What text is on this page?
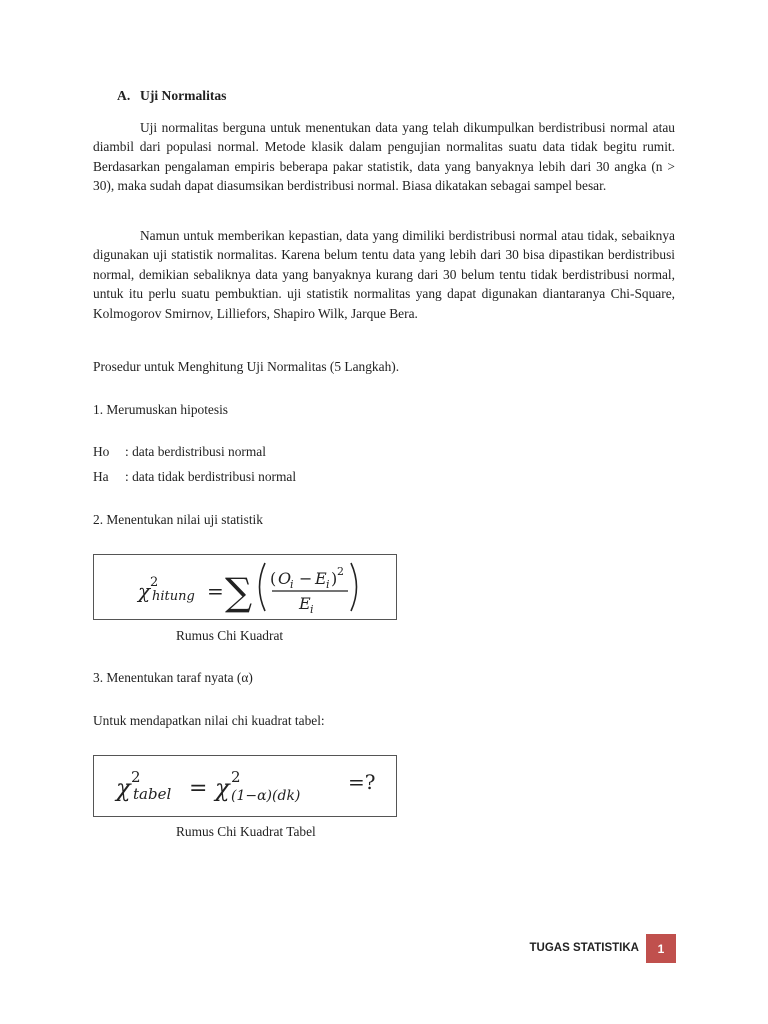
A. Uji Normalitas

Uji normalitas berguna untuk menentukan data yang telah dikumpulkan berdistribusi normal atau diambil dari populasi normal. Metode klasik dalam pengujian normalitas suatu data tidak begitu rumit. Berdasarkan pengalaman empiris beberapa pakar statistik, data yang banyaknya lebih dari 30 angka (n > 30), maka sudah dapat diasumsikan berdistribusi normal. Biasa dikatakan sebagai sampel besar.

Namun untuk memberikan kepastian, data yang dimiliki berdistribusi normal atau tidak, sebaiknya digunakan uji statistik normalitas. Karena belum tentu data yang lebih dari 30 bisa dipastikan berdistribusi normal, demikian sebaliknya data yang banyaknya kurang dari 30 belum tentu tidak berdistribusi normal, untuk itu perlu suatu pembuktian. uji statistik normalitas yang dapat digunakan diantaranya Chi-Square, Kolmogorov Smirnov, Lilliefors, Shapiro Wilk, Jarque Bera.

Prosedur untuk Menghitung Uji Normalitas (5 Langkah).

1. Merumuskan hipotesis

Ho : data berdistribusi normal

Ha : data tidak berdistribusi normal

2. Menentukan nilai uji statistik

χ 2
hitung = ∑ ( O
i − E i ) 2
E i
Rumus Chi Kuadrat

3. Menentukan taraf nyata (α)

Untuk mendapatkan nilai chi kuadrat tabel:

χ 2
tabel = χ 2
(1−α)(dk)
=?
Rumus Chi Kuadrat Tabel
TUGAS STATISTIKA	1
